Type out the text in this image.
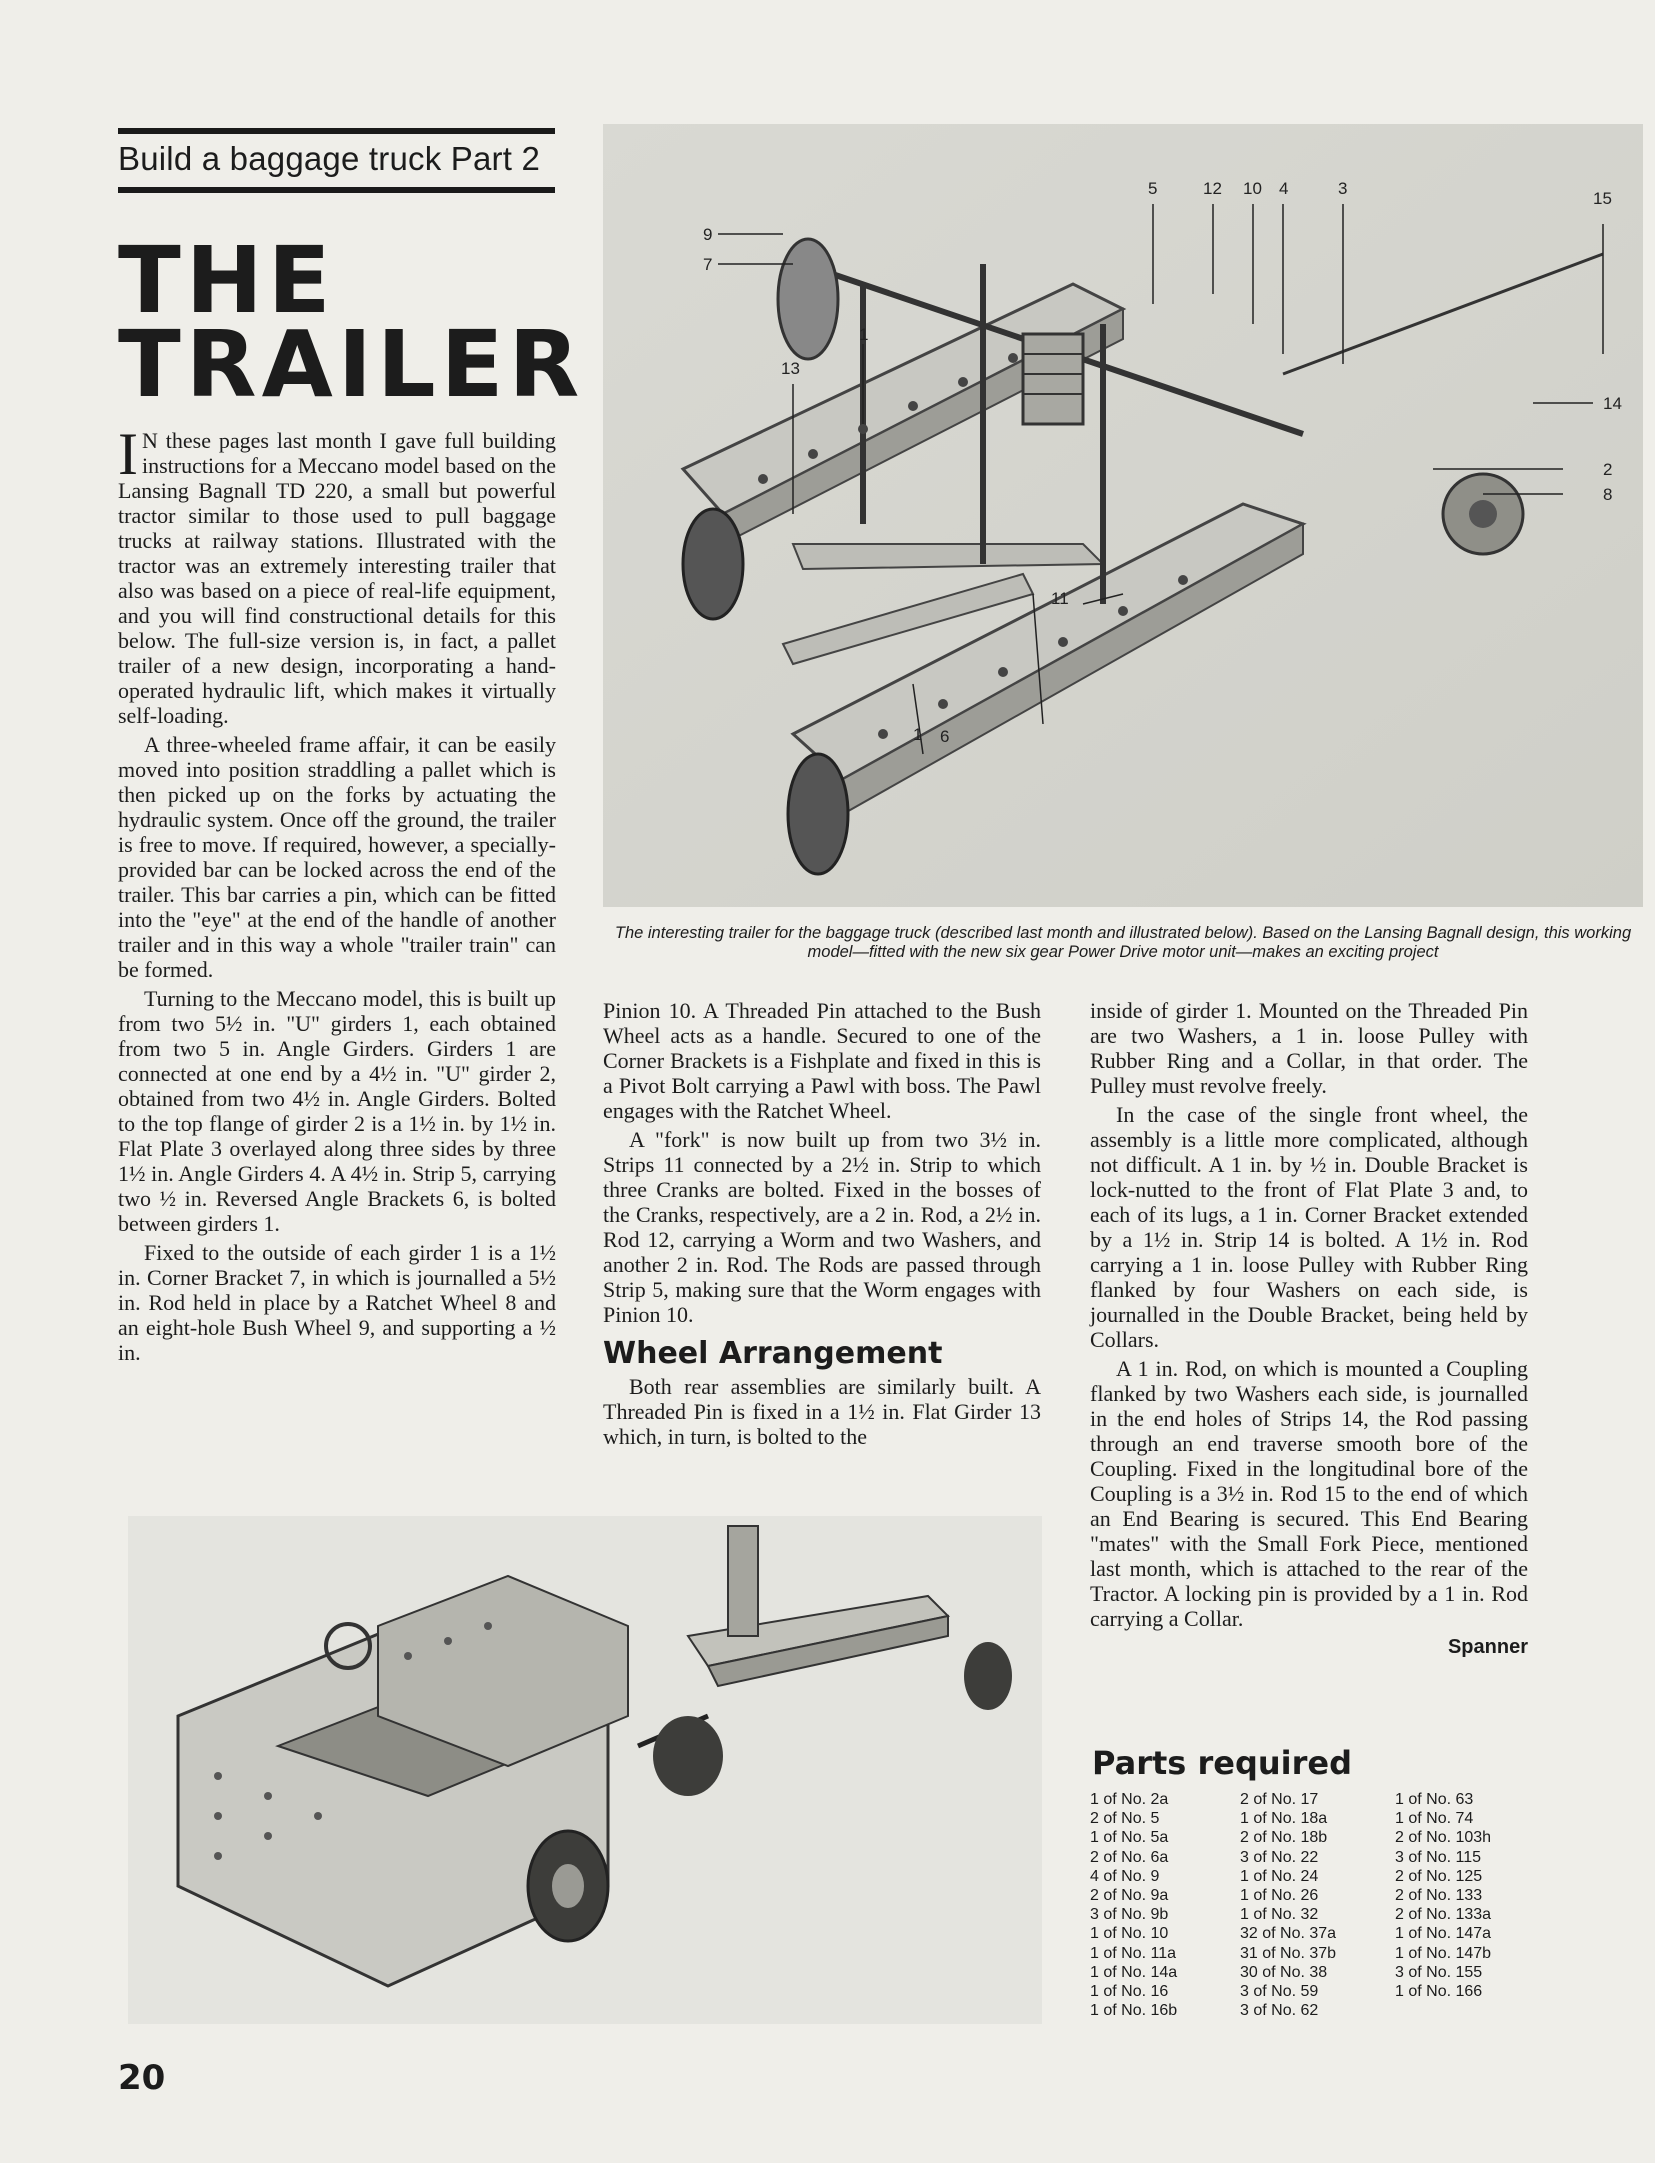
Build a baggage truck Part 2
THE
TRAILER

I N these pages last month I gave full building instructions for a Meccano model based on the Lansing Bagnall TD 220, a small but powerful tractor similar to those used to pull baggage trucks at railway stations. Illustrated with the tractor was an extremely interesting trailer that also was based on a piece of real-life equipment, and you will find constructional details for this below. The full-size version is, in fact, a pallet trailer of a new design, incorporating a hand-operated hydraulic lift, which makes it virtually self-loading.

A three-wheeled frame affair, it can be easily moved into position straddling a pallet which is then picked up on the forks by actuating the hydraulic system. Once off the ground, the trailer is free to move. If required, however, a specially-provided bar can be locked across the end of the trailer. This bar carries a pin, which can be fitted into the "eye" at the end of the handle of another trailer and in this way a whole "trailer train" can be formed.

Turning to the Meccano model, this is built up from two 5½ in. "U" girders 1, each obtained from two 5 in. Angle Girders. Girders 1 are connected at one end by a 4½ in. "U" girder 2, obtained from two 4½ in. Angle Girders. Bolted to the top flange of girder 2 is a 1½ in. by 1½ in. Flat Plate 3 overlayed along three sides by three 1½ in. Angle Girders 4. A 4½ in. Strip 5, carrying two ½ in. Reversed Angle Brackets 6, is bolted between girders 1.

Fixed to the outside of each girder 1 is a 1½ in. Corner Bracket 7, in which is journalled a 5½ in. Rod held in place by a Ratchet Wheel 8 and an eight-hole Bush Wheel 9, and supporting a ½ in.

5	12 10 4	3
15
9
7
13
1
14
2
8
11
1 6
The interesting trailer for the baggage truck (described last month and illustrated below). Based on the Lansing Bagnall design, this working model—fitted with the new six gear Power Drive motor unit—makes an exciting project

Pinion 10. A Threaded Pin attached to the Bush Wheel acts as a handle. Secured to one of the Corner Brackets is a Fishplate and fixed in this is a Pivot Bolt carrying a Pawl with boss. The Pawl engages with the Ratchet Wheel.

A "fork" is now built up from two 3½ in. Strips 11 connected by a 2½ in. Strip to which three Cranks are bolted. Fixed in the bosses of the Cranks, respectively, are a 2 in. Rod, a 2½ in. Rod 12, carrying a Worm and two Washers, and another 2 in. Rod. The Rods are passed through Strip 5, making sure that the Worm engages with Pinion 10.

Wheel Arrangement

Both rear assemblies are similarly built. A Threaded Pin is fixed in a 1½ in. Flat Girder 13 which, in turn, is bolted to the

inside of girder 1. Mounted on the Threaded Pin are two Washers, a 1 in. loose Pulley with Rubber Ring and a Collar, in that order. The Pulley must revolve freely.

In the case of the single front wheel, the assembly is a little more complicated, although not difficult. A 1 in. by ½ in. Double Bracket is lock-nutted to the front of Flat Plate 3 and, to each of its lugs, a 1 in. Corner Bracket extended by a 1½ in. Strip 14 is bolted. A 1½ in. Rod carrying a 1 in. loose Pulley with Rubber Ring flanked by four Washers on each side, is journalled in the Double Bracket, being held by Collars.

A 1 in. Rod, on which is mounted a Coupling flanked by two Washers each side, is journalled in the end holes of Strips 14, the Rod passing through an end traverse smooth bore of the Coupling. Fixed in the longitudinal bore of the Coupling is a 3½ in. Rod 15 to the end of which an End Bearing is secured. This End Bearing "mates" with the Small Fork Piece, mentioned last month, which is attached to the rear of the Tractor. A locking pin is provided by a 1 in. Rod carrying a Collar.

Spanner
Parts required
1 of No. 2a
2 of No. 5
1 of No. 5a
2 of No. 6a
4 of No. 9
2 of No. 9a
3 of No. 9b
1 of No. 10
1 of No. 11a
1 of No. 14a
1 of No. 16
1 of No. 16b
2 of No. 17
1 of No. 18a
2 of No. 18b
3 of No. 22
1 of No. 24
1 of No. 26
1 of No. 32
32 of No. 37a
31 of No. 37b
30 of No. 38
3 of No. 59
3 of No. 62
1 of No. 63
1 of No. 74
2 of No. 103h
3 of No. 115
2 of No. 125
2 of No. 133
2 of No. 133a
1 of No. 147a
1 of No. 147b
3 of No. 155
1 of No. 166
20
